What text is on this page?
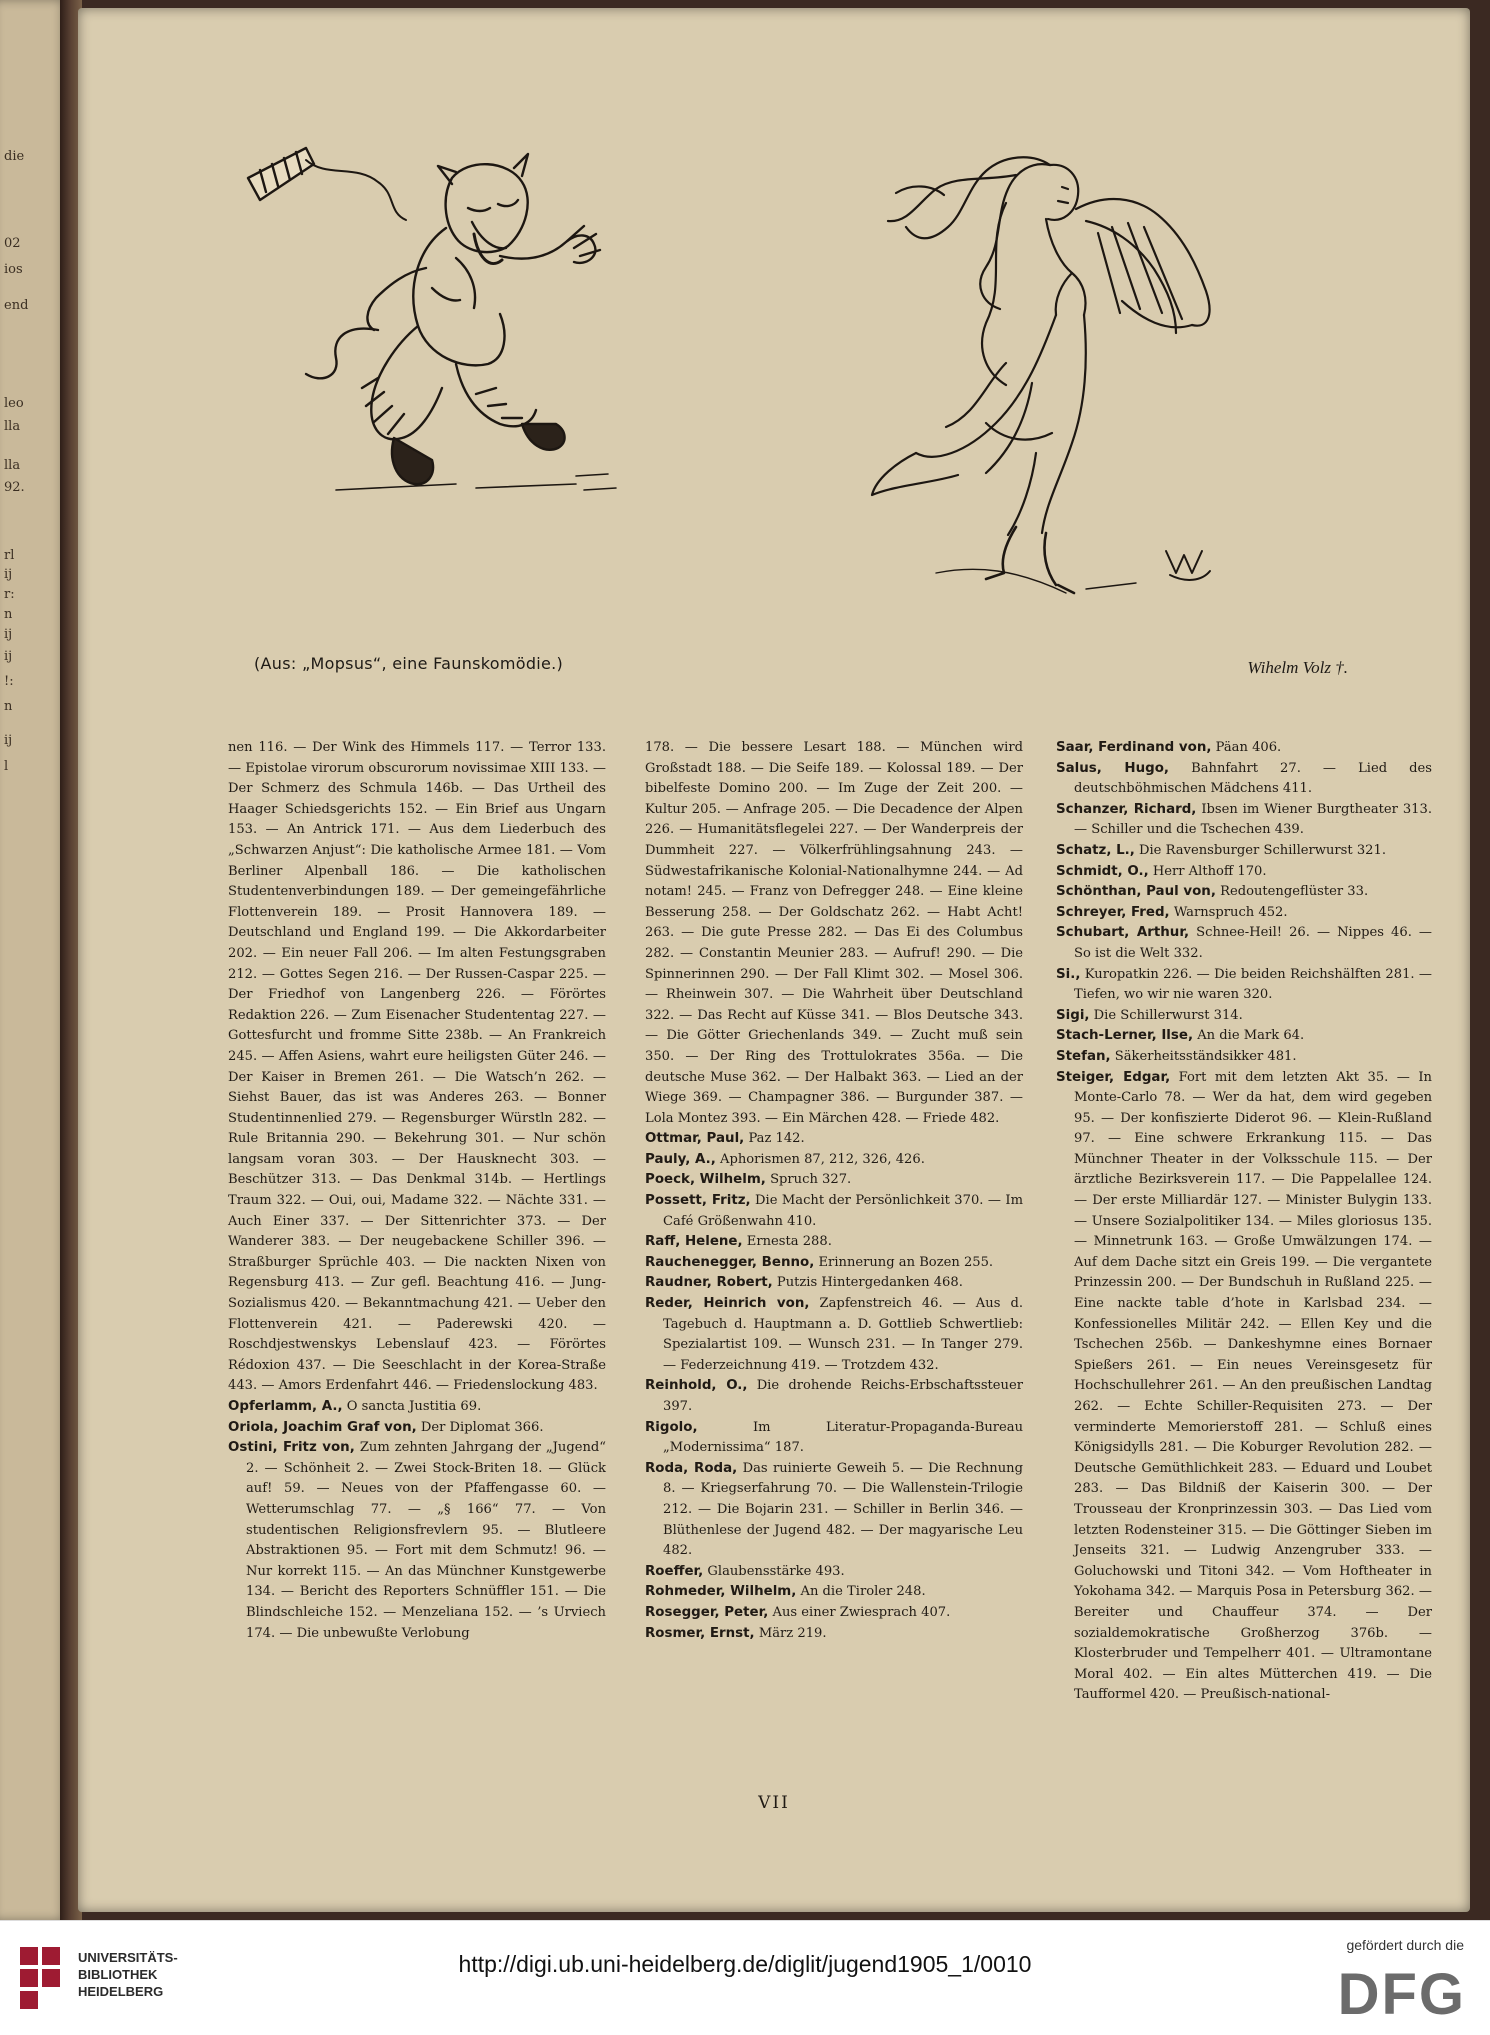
die
02
ios
end
leo
lla
lla
92.
rl
ij
r:
n
ij
ij
!:
n
ij
l
(Aus: „Mopsus“, eine Faunskomödie.)	Wihelm Volz †.

nen 116. — Der Wink des Himmels 117. — Terror 133. — Epistolae virorum obscurorum novissimae XIII 133. — Der Schmerz des Schmula 146b. — Das Urtheil des Haager Schiedsgerichts 152. — Ein Brief aus Ungarn 153. — An Antrick 171. — Aus dem Liederbuch des „Schwarzen Anjust“: Die katholische Armee 181. — Vom Berliner Alpenball 186. — Die katholischen Studentenverbindungen 189. — Der gemeingefährliche Flottenverein 189. — Prosit Hannovera 189. — Deutschland und England 199. — Die Akkordarbeiter 202. — Ein neuer Fall 206. — Im alten Festungsgraben 212. — Gottes Segen 216. — Der Russen-Caspar 225. — Der Friedhof von Langenberg 226. — Förörtes Redaktion 226. — Zum Eisenacher Studententag 227. — Gottesfurcht und fromme Sitte 238b. — An Frankreich 245. — Affen Asiens, wahrt eure heiligsten Güter 246. — Der Kaiser in Bremen 261. — Die Watsch’n 262. — Siehst Bauer, das ist was Anderes 263. — Bonner Studentinnenlied 279. — Regensburger Würstln 282. — Rule Britannia 290. — Bekehrung 301. — Nur schön langsam voran 303. — Der Hausknecht 303. — Beschützer 313. — Das Denkmal 314b. — Hertlings Traum 322. — Oui, oui, Madame 322. — Nächte 331. — Auch Einer 337. — Der Sittenrichter 373. — Der Wanderer 383. — Der neugebackene Schiller 396. — Straßburger Sprüchle 403. — Die nackten Nixen von Regensburg 413. — Zur gefl. Beachtung 416. — Jung-Sozialismus 420. — Bekanntmachung 421. — Ueber den Flottenverein 421. — Paderewski 420. — Roschdjestwenskys Lebenslauf 423. — Förörtes Rédoxion 437. — Die Seeschlacht in der Korea-Straße 443. — Amors Erdenfahrt 446. — Friedenslockung 483.

Opferlamm, A., O sancta Justitia 69.

Oriola, Joachim Graf von, Der Diplomat 366.

Ostini, Fritz von, Zum zehnten Jahrgang der „Jugend“ 2. — Schönheit 2. — Zwei Stock-Briten 18. — Glück auf! 59. — Neues von der Pfaffengasse 60. — Wetterumschlag 77. — „§ 166“ 77. — Von studentischen Religionsfrevlern 95. — Blutleere Abstraktionen 95. — Fort mit dem Schmutz! 96. — Nur korrekt 115. — An das Münchner Kunstgewerbe 134. — Bericht des Reporters Schnüffler 151. — Die Blindschleiche 152. — Menzeliana 152. — ’s Urviech 174. — Die unbewußte Verlobung

178. — Die bessere Lesart 188. — München wird Großstadt 188. — Die Seife 189. — Kolossal 189. — Der bibelfeste Domino 200. — Im Zuge der Zeit 200. — Kultur 205. — Anfrage 205. — Die Decadence der Alpen 226. — Humanitätsflegelei 227. — Der Wanderpreis der Dummheit 227. — Völkerfrühlingsahnung 243. — Südwestafrikanische Kolonial-Nationalhymne 244. — Ad notam! 245. — Franz von Defregger 248. — Eine kleine Besserung 258. — Der Goldschatz 262. — Habt Acht! 263. — Die gute Presse 282. — Das Ei des Columbus 282. — Constantin Meunier 283. — Aufruf! 290. — Die Spinnerinnen 290. — Der Fall Klimt 302. — Mosel 306. — Rheinwein 307. — Die Wahrheit über Deutschland 322. — Das Recht auf Küsse 341. — Blos Deutsche 343. — Die Götter Griechenlands 349. — Zucht muß sein 350. — Der Ring des Trottulokrates 356a. — Die deutsche Muse 362. — Der Halbakt 363. — Lied an der Wiege 369. — Champagner 386. — Burgunder 387. — Lola Montez 393. — Ein Märchen 428. — Friede 482.

Ottmar, Paul, Paz 142.

Pauly, A., Aphorismen 87, 212, 326, 426.

Poeck, Wilhelm, Spruch 327.

Possett, Fritz, Die Macht der Persönlichkeit 370. — Im Café Größenwahn 410.

Raff, Helene, Ernesta 288.

Rauchenegger, Benno, Erinnerung an Bozen 255.

Raudner, Robert, Putzis Hintergedanken 468.

Reder, Heinrich von, Zapfenstreich 46. — Aus d. Tagebuch d. Hauptmann a. D. Gottlieb Schwertlieb: Spezialartist 109. — Wunsch 231. — In Tanger 279. — Federzeichnung 419. — Trotzdem 432.

Reinhold, O., Die drohende Reichs-Erbschaftssteuer 397.

Rigolo,	Im Literatur-Propaganda-Bureau „Modernissima“ 187.

Roda, Roda, Das ruinierte Geweih 5. — Die Rechnung 8. — Kriegserfahrung 70. — Die Wallenstein-Trilogie 212. — Die Bojarin 231. — Schiller in Berlin 346. — Blüthenlese der Jugend 482. — Der magyarische Leu 482.

Roeffer, Glaubensstärke 493.

Rohmeder, Wilhelm, An die Tiroler 248.

Rosegger, Peter, Aus einer Zwiesprach 407.

Rosmer, Ernst, März 219.

Saar, Ferdinand von, Päan 406.

Salus, Hugo, Bahnfahrt 27. — Lied des deutschböhmischen Mädchens 411.

Schanzer, Richard, Ibsen im Wiener Burgtheater 313. — Schiller und die Tschechen 439.

Schatz, L., Die Ravensburger Schillerwurst 321.

Schmidt, O., Herr Althoff 170.

Schönthan, Paul von, Redoutengeflüster 33.

Schreyer, Fred, Warnspruch 452.

Schubart, Arthur, Schnee-Heil! 26. — Nippes 46. — So ist die Welt 332.

Si., Kuropatkin 226. — Die beiden Reichshälften 281. — Tiefen, wo wir nie waren 320.

Sigi, Die Schillerwurst 314.

Stach-Lerner, Ilse, An die Mark 64.

Stefan, Säkerheitsständsikker 481.

Steiger, Edgar, Fort mit dem letzten Akt 35. — In Monte-Carlo 78. — Wer da hat, dem wird gegeben 95. — Der konfiszierte Diderot 96. — Klein-Rußland 97. — Eine schwere Erkrankung 115. — Das Münchner Theater in der Volksschule 115. — Der ärztliche Bezirksverein 117. — Die Pappelallee 124. — Der erste Milliardär 127. — Minister Bulygin 133. — Unsere Sozialpolitiker 134. — Miles gloriosus 135. — Minnetrunk 163. — Große Umwälzungen 174. — Auf dem Dache sitzt ein Greis 199. — Die vergantete Prinzessin 200. — Der Bundschuh in Rußland 225. — Eine nackte table d’hote in Karlsbad 234. — Konfessionelles Militär 242. — Ellen Key und die Tschechen 256b. — Dankeshymne eines Bornaer Spießers 261. — Ein neues Vereinsgesetz für Hochschullehrer 261. — An den preußischen Landtag 262. — Echte Schiller-Requisiten 273. — Der verminderte Memorierstoff 281. — Schluß eines Königsidylls 281. — Die Koburger Revolution 282. — Deutsche Gemüthlichkeit 283. — Eduard und Loubet 283. — Das Bildniß der Kaiserin 300. — Der Trousseau der Kronprinzessin 303. — Das Lied vom letzten Rodensteiner 315. — Die Göttinger Sieben im Jenseits 321. — Ludwig Anzengruber 333. — Goluchowski und Titoni 342. — Vom Hoftheater in Yokohama 342. — Marquis Posa in Petersburg 362. — Bereiter und Chauffeur 374. — Der sozialdemokratische Großherzog 376b. — Klosterbruder und Tempelherr 401. — Ultramontane Moral 402. — Ein altes Mütterchen 419. — Die Taufformel 420. — Preußisch-national-

VII
UNIVERSITÄTS-
BIBLIOTHEK
HEIDELBERG
http://digi.ub.uni-heidelberg.de/diglit/jugend1905_1/0010
gefördert durch die
DFG
